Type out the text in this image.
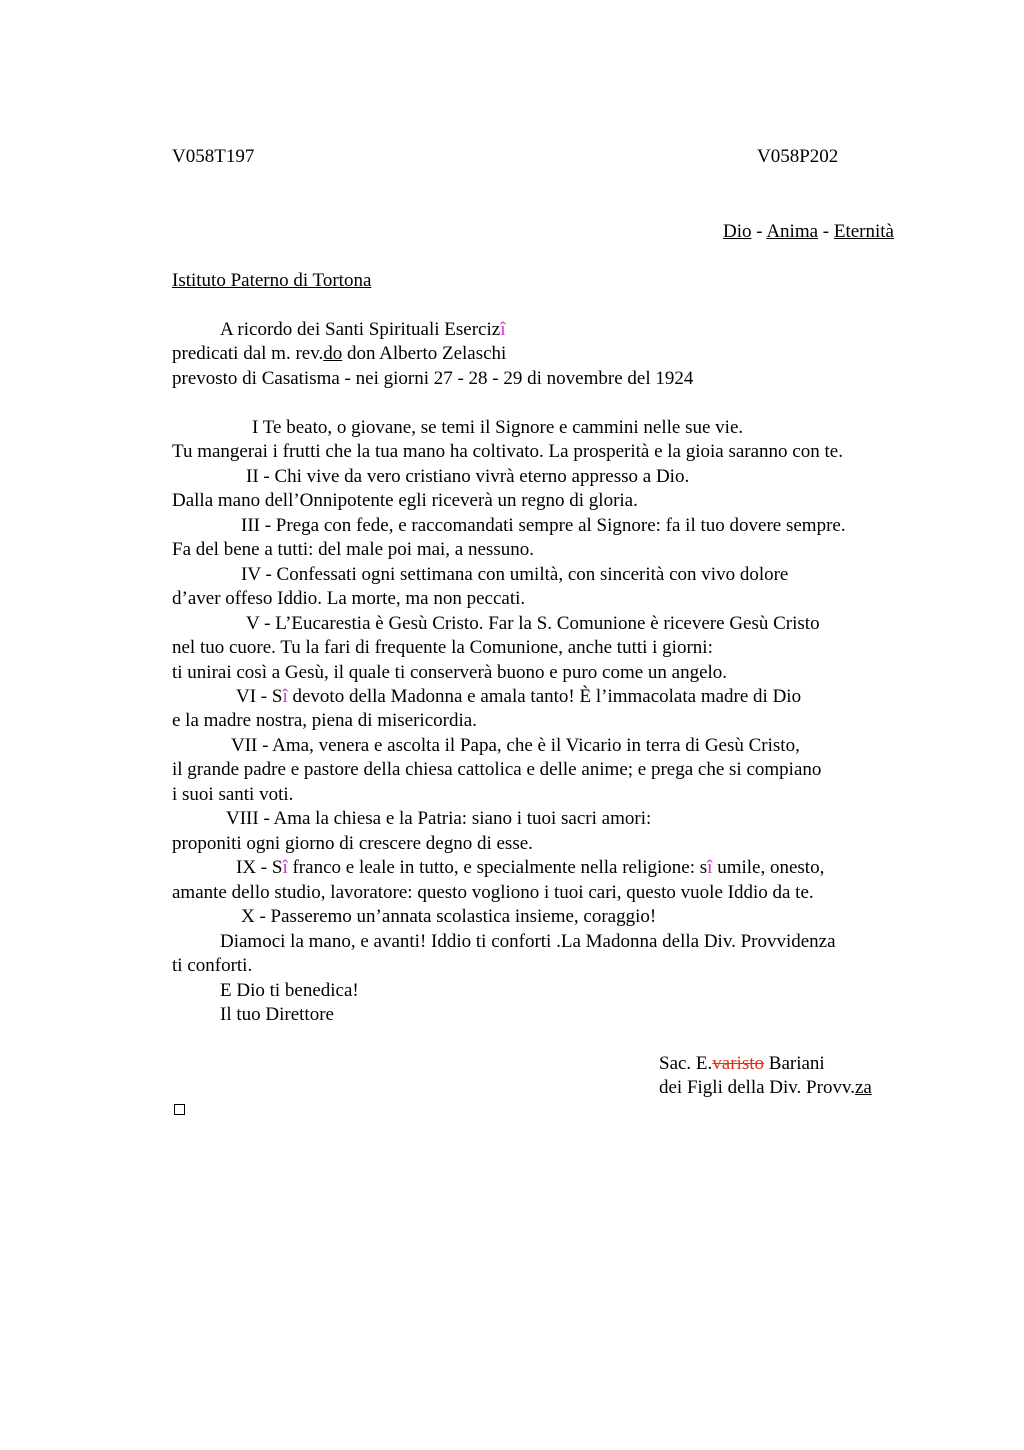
V058T197	V058P202
Dio - Anima - Eternità
Istituto Paterno di Tortona
A ricordo dei Santi Spirituali Esercizî
predicati dal m. rev.do don Alberto Zelaschi
prevosto di Casatisma - nei giorni 27 - 28 - 29 di novembre del 1924
I Te beato, o giovane, se temi il Signore e cammini nelle sue vie.
Tu mangerai i frutti che la tua mano ha coltivato. La prosperità e la gioia saranno con te.
II - Chi vive da vero cristiano vivrà eterno appresso a Dio.
Dalla mano dell’Onnipotente egli riceverà un regno di gloria.
III - Prega con fede, e raccomandati sempre al Signore: fa il tuo dovere sempre.
Fa del bene a tutti: del male poi mai, a nessuno.
IV - Confessati ogni settimana con umiltà, con sincerità con vivo dolore
d’aver offeso Iddio. La morte, ma non peccati.
V - L’Eucarestia è Gesù Cristo. Far la S. Comunione è ricevere Gesù Cristo
nel tuo cuore. Tu la fari di frequente la Comunione, anche tutti i giorni:
ti unirai così a Gesù, il quale ti conserverà buono e puro come un angelo.
VI - Sî devoto della Madonna e amala tanto! È l’immacolata madre di Dio
e la madre nostra, piena di misericordia.
VII - Ama, venera e ascolta il Papa, che è il Vicario in terra di Gesù Cristo,
il grande padre e pastore della chiesa cattolica e delle anime; e prega che si compiano
i suoi santi voti.
VIII - Ama la chiesa e la Patria: siano i tuoi sacri amori:
proponiti ogni giorno di crescere degno di esse.
IX - Sî franco e leale in tutto, e specialmente nella religione: sî umile, onesto,
amante dello studio, lavoratore: questo vogliono i tuoi cari, questo vuole Iddio da te.
X - Passeremo un’annata scolastica insieme, coraggio!
Diamoci la mano, e avanti! Iddio ti conforti .La Madonna della Div. Provvidenza
ti conforti.
E Dio ti benedica!
Il tuo Direttore
Sac. E.varisto Bariani
dei Figli della Div. Provv.za
